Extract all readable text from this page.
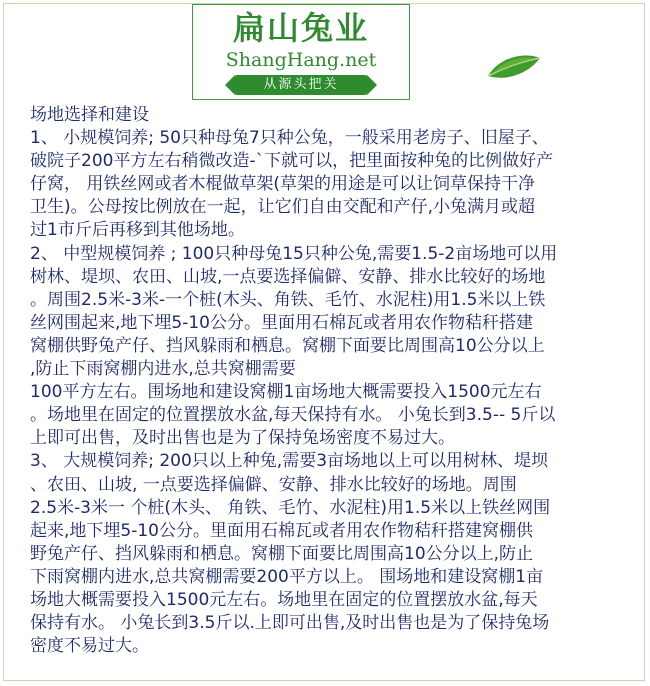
扁山兔业
ShangHang.net
从源头把关

场地选择和建设

1、 小规模饲养; 50只种母兔7只种公兔，一般采用老房子、旧屋子、

破院子200平方左右稍微改造-`下就可以，把里面按种兔的比例做好产

仔窝， 用铁丝网或者木棍做草架(草架的用途是可以让饲草保持干净

卫生)。公母按比例放在一起，让它们自由交配和产仔,小兔满月或超

过1市斤后再移到其他场地。

2、 中型规模饲养 ; 100只种母兔15只种公兔,需要1.5-2亩场地可以用

树林、堤坝、农田、山坡,一点要选择偏僻、安静、排水比较好的场地

。周围2.5米-3米-一个桩(木头、角铁、毛竹、水泥柱)用1.5米以上铁

丝网围起来,地下埋5-10公分。里面用石棉瓦或者用农作物秸秆搭建

窝棚供野兔产仔、挡风躲雨和栖息。窝棚下面要比周围高10公分以上

,防止下雨窝棚内进水,总共窝棚需要

100平方左右。围场地和建设窝棚1亩场地大概需要投入1500元左右

。场地里在固定的位置摆放水盆,每天保持有水。 小兔长到3.5-- 5斤以

上即可出售，及时出售也是为了保持兔场密度不易过大。

3、 大规模饲养; 200只以上种兔,需要3亩场地以上可以用树林、堤坝

、农田、山坡, 一点要选择偏僻、安静、排水比较好的场地。周围

2.5米-3米一 个桩(木头、 角铁、毛竹、水泥柱)用1.5米以上铁丝网围

起来,地下埋5-10公分。里面用石棉瓦或者用农作物秸秆搭建窝棚供

野兔产仔、挡风躲雨和栖息。窝棚下面要比周围高10公分以上,防止

下雨窝棚内进水,总共窝棚需要200平方以上。 围场地和建设窝棚1亩

场地大概需要投入1500元左右。场地里在固定的位置摆放水盆,每天

保持有水。 小兔长到3.5斤以.上即可出售,及时出售也是为了保持兔场

密度不易过大。
